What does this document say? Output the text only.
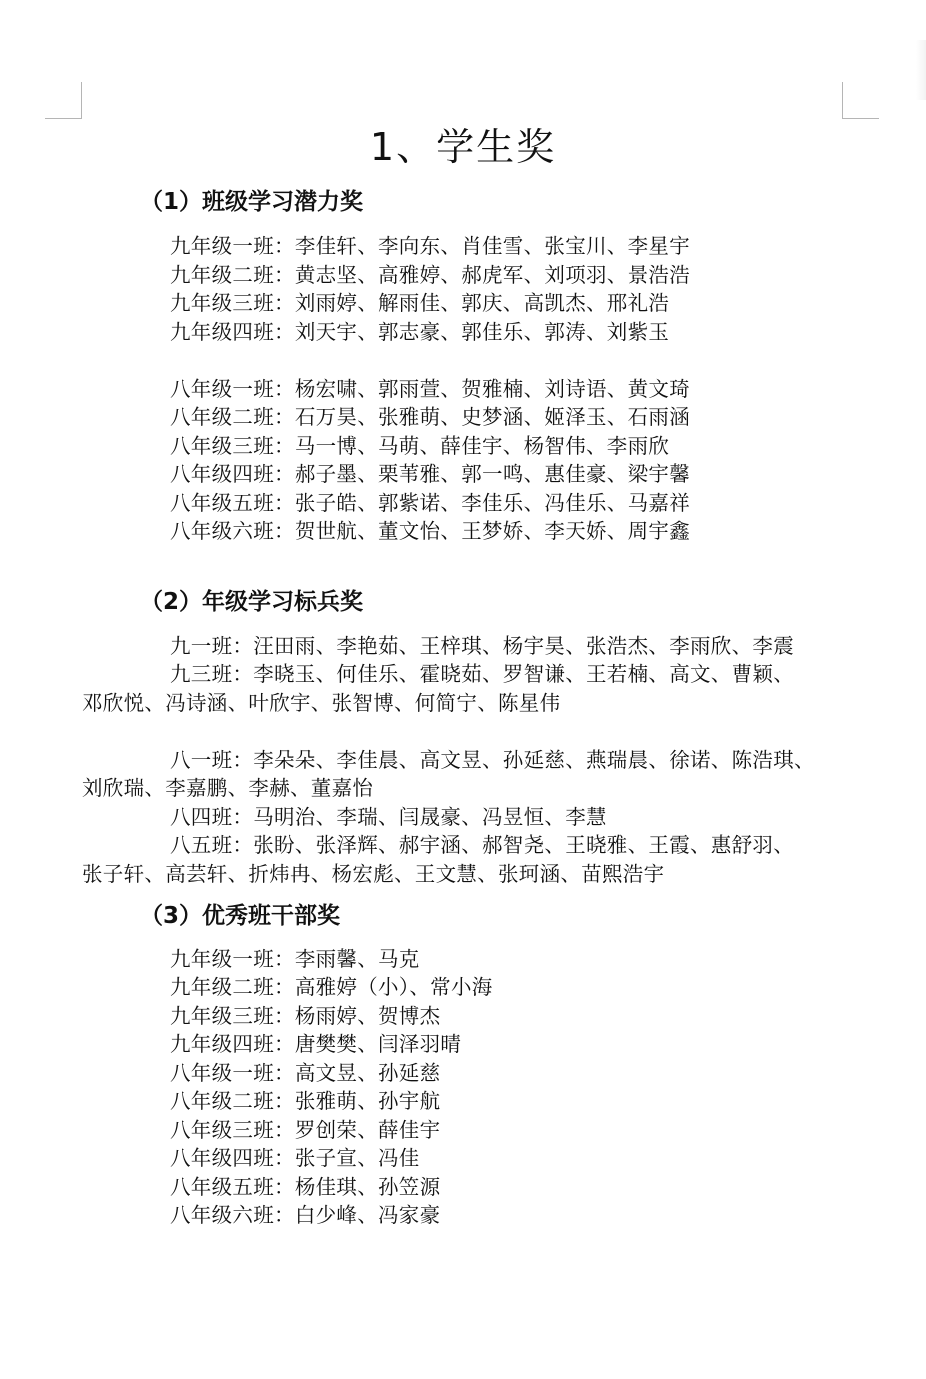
1、学生奖
（1）班级学习潜力奖
九年级一班：李佳轩、李向东、肖佳雪、张宝川、李星宇
九年级二班：黄志坚、高雅婷、郝虎军、刘项羽、景浩浩
九年级三班：刘雨婷、解雨佳、郭庆、高凯杰、邢礼浩
九年级四班：刘天宇、郭志豪、郭佳乐、郭涛、刘紫玉
八年级一班：杨宏啸、郭雨萱、贺雅楠、刘诗语、黄文琦
八年级二班：石万昊、张雅萌、史梦涵、姬泽玉、石雨涵
八年级三班：马一博、马萌、薛佳宇、杨智伟、李雨欣
八年级四班：郝子墨、栗苇雅、郭一鸣、惠佳豪、梁宇馨
八年级五班：张子皓、郭紫诺、李佳乐、冯佳乐、马嘉祥
八年级六班：贺世航、董文怡、王梦娇、李天娇、周宇鑫
（2）年级学习标兵奖
九一班：汪田雨、李艳茹、王梓琪、杨宇昊、张浩杰、李雨欣、李震
九三班：李晓玉、何佳乐、霍晓茹、罗智谦、王若楠、高文、曹颖、
邓欣悦、冯诗涵、叶欣宇、张智博、何简宁、陈星伟
八一班：李朵朵、李佳晨、高文昱、孙延慈、燕瑞晨、徐诺、陈浩琪、
刘欣瑞、李嘉鹏、李赫、董嘉怡
八四班：马明治、李瑞、闫晟豪、冯昱恒、李慧
八五班：张盼、张泽辉、郝宇涵、郝智尧、王晓雅、王霞、惠舒羽、
张子轩、高芸轩、折炜冉、杨宏彪、王文慧、张珂涵、苗熙浩宇
（3）优秀班干部奖
九年级一班：李雨馨、马克
九年级二班：高雅婷（小）、常小海
九年级三班：杨雨婷、贺博杰
九年级四班：唐樊樊、闫泽羽晴
八年级一班：高文昱、孙延慈
八年级二班：张雅萌、孙宇航
八年级三班：罗创荣、薛佳宇
八年级四班：张子宣、冯佳
八年级五班：杨佳琪、孙笠源
八年级六班：白少峰、冯家豪
